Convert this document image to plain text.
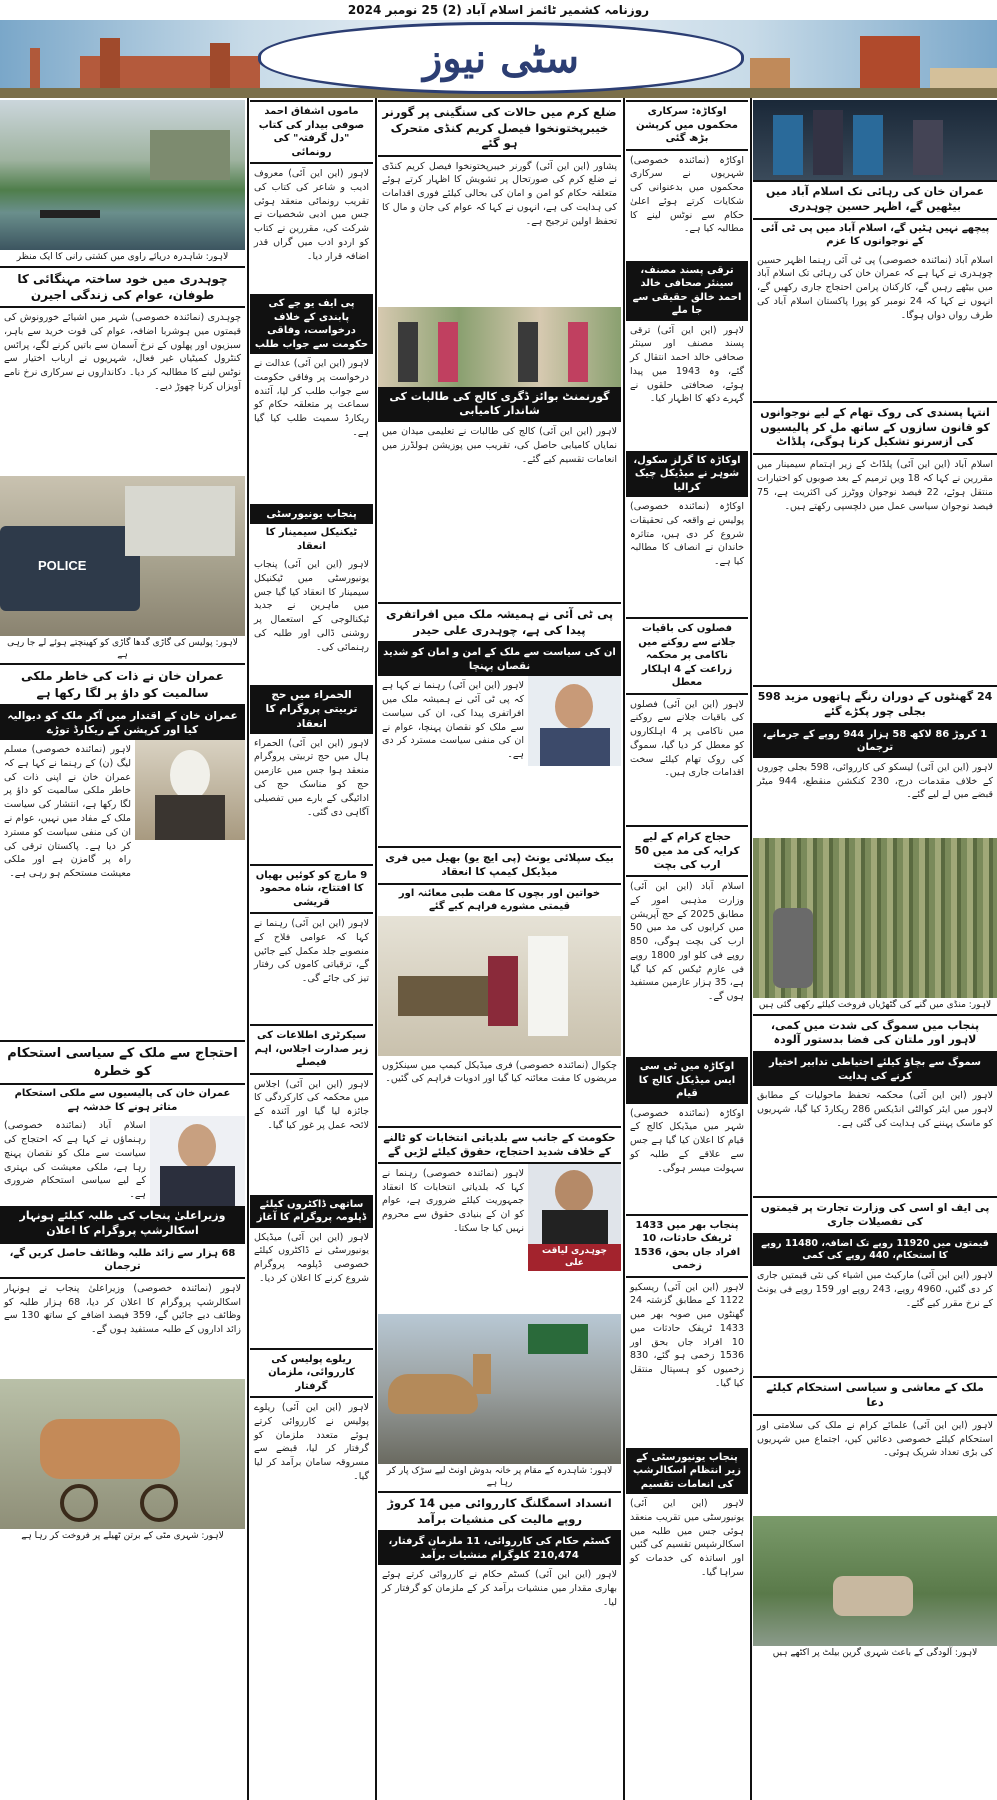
روزنامہ کشمیر ٹائمز اسلام آباد (2) 25 نومبر 2024
سٹی نیوز
لاہور: شاہدرہ دریائے راوی میں کشتی رانی کا ایک منظر
چوہدری میں خود ساختہ مہنگائی کا طوفان، عوام کی زندگی اجیرن
چوہدری (نمائندہ خصوصی) شہر میں اشیائے خورونوش کی قیمتوں میں ہوشربا اضافہ، عوام کی قوت خرید سے باہر، سبزیوں اور پھلوں کے نرخ آسمان سے باتیں کرنے لگے، پرائس کنٹرول کمیٹیاں غیر فعال، شہریوں نے ارباب اختیار سے نوٹس لینے کا مطالبہ کر دیا۔ دکانداروں نے سرکاری نرخ نامے آویزاں کرنا چھوڑ دیے۔
POLICE
لاہور: پولیس کی گاڑی گدھا گاڑی کو کھینچتے ہوئے لے جا رہی ہے
عمران خان نے ذات کی خاطر ملکی سالمیت کو داؤ پر لگا رکھا ہے
عمران خان کے اقتدار میں آکر ملک کو دیوالیہ کیا اور کرپشن کے ریکارڈ توڑے
لاہور (نمائندہ خصوصی) مسلم لیگ (ن) کے رہنما نے کہا ہے کہ عمران خان نے اپنی ذات کی خاطر ملکی سالمیت کو داؤ پر لگا رکھا ہے، انتشار کی سیاست ملک کے مفاد میں نہیں، عوام نے ان کی منفی سیاست کو مسترد کر دیا ہے۔ پاکستان ترقی کی راہ پر گامزن ہے اور ملکی معیشت مستحکم ہو رہی ہے۔
احتجاج سے ملک کے سیاسی استحکام کو خطرہ
عمران خان کی پالیسیوں سے ملکی استحکام متاثر ہونے کا خدشہ ہے
اسلام آباد (نمائندہ خصوصی) رہنماؤں نے کہا ہے کہ احتجاج کی سیاست سے ملک کو نقصان پہنچ رہا ہے، ملکی معیشت کی بہتری کے لیے سیاسی استحکام ضروری ہے۔
وزیراعلیٰ پنجاب کی طلبہ کیلئے ہونہار اسکالرشپ پروگرام کا اعلان
68 ہزار سے زائد طلبہ وظائف حاصل کریں گے، ترجمان
لاہور (نمائندہ خصوصی) وزیراعلیٰ پنجاب نے ہونہار اسکالرشپ پروگرام کا اعلان کر دیا، 68 ہزار طلبہ کو وظائف دیے جائیں گے، 359 فیصد اضافے کے ساتھ 130 سے زائد اداروں کے طلبہ مستفید ہوں گے۔
لاہور: شہری مٹی کے برتن ٹھیلے پر فروخت کر رہا ہے
ماموں اشفاق احمد صوفی بیدار کی کتاب "دل گرفتہ" کی رونمائی
لاہور (این این آئی) معروف ادیب و شاعر کی کتاب کی تقریب رونمائی منعقد ہوئی جس میں ادبی شخصیات نے شرکت کی، مقررین نے کتاب کو اردو ادب میں گراں قدر اضافہ قرار دیا۔
پی ایف یو جے کی پابندی کے خلاف درخواست، وفاقی حکومت سے جواب طلب
لاہور (این این آئی) عدالت نے درخواست پر وفاقی حکومت سے جواب طلب کر لیا، آئندہ سماعت پر متعلقہ حکام کو ریکارڈ سمیت طلب کیا گیا ہے۔
پنجاب یونیورسٹی
ٹیکنیکل سیمینار کا انعقاد
لاہور (این این آئی) پنجاب یونیورسٹی میں ٹیکنیکل سیمینار کا انعقاد کیا گیا جس میں ماہرین نے جدید ٹیکنالوجی کے استعمال پر روشنی ڈالی اور طلبہ کی رہنمائی کی۔
الحمراء میں حج تربیتی پروگرام کا انعقاد
لاہور (این این آئی) الحمراء ہال میں حج تربیتی پروگرام منعقد ہوا جس میں عازمین حج کو مناسک حج کی ادائیگی کے بارے میں تفصیلی آگاہی دی گئی۔
9 مارچ کو کوئیں بھیاں کا افتتاح، شاہ محمود قریشی
لاہور (این این آئی) رہنما نے کہا کہ عوامی فلاح کے منصوبے جلد مکمل کیے جائیں گے، ترقیاتی کاموں کی رفتار تیز کی جائے گی۔
سیکرٹری اطلاعات کی زیر صدارت اجلاس، اہم فیصلے
لاہور (این این آئی) اجلاس میں محکمہ کی کارکردگی کا جائزہ لیا گیا اور آئندہ کے لائحہ عمل پر غور کیا گیا۔
ساتھی ڈاکٹروں کیلئے ڈپلومہ پروگرام کا آغاز
لاہور (این این آئی) میڈیکل یونیورسٹی نے ڈاکٹروں کیلئے خصوصی ڈپلومہ پروگرام شروع کرنے کا اعلان کر دیا۔
ریلوے پولیس کی کارروائی، ملزمان گرفتار
لاہور (این این آئی) ریلوے پولیس نے کارروائی کرتے ہوئے متعدد ملزمان کو گرفتار کر لیا، قبضے سے مسروقہ سامان برآمد کر لیا گیا۔
ضلع کرم میں حالات کی سنگینی پر گورنر خیبرپختونخوا فیصل کریم کنڈی متحرک ہو گئے
پشاور (این این آئی) گورنر خیبرپختونخوا فیصل کریم کنڈی نے ضلع کرم کی صورتحال پر تشویش کا اظہار کرتے ہوئے متعلقہ حکام کو امن و امان کی بحالی کیلئے فوری اقدامات کی ہدایت کی ہے، انہوں نے کہا کہ عوام کی جان و مال کا تحفظ اولین ترجیح ہے۔
گورنمنٹ بوائز ڈگری کالج کی طالبات کی شاندار کامیابی
لاہور (این این آئی) کالج کی طالبات نے تعلیمی میدان میں نمایاں کامیابی حاصل کی، تقریب میں پوزیشن ہولڈرز میں انعامات تقسیم کیے گئے۔
پی ٹی آئی نے ہمیشہ ملک میں افراتفری پیدا کی ہے، چوہدری علی حیدر
ان کی سیاست سے ملک کے امن و امان کو شدید نقصان پہنچا
لاہور (این این آئی) رہنما نے کہا ہے کہ پی ٹی آئی نے ہمیشہ ملک میں افراتفری پیدا کی، ان کی سیاست سے ملک کو نقصان پہنچا، عوام نے ان کی منفی سیاست مسترد کر دی ہے۔
بیک سپلائی یونٹ (پی ایچ یو) بھیل میں فری میڈیکل کیمپ کا انعقاد
خواتین اور بچوں کا مفت طبی معائنہ اور قیمتی مشورے فراہم کیے گئے
چکوال (نمائندہ خصوصی) فری میڈیکل کیمپ میں سینکڑوں مریضوں کا مفت معائنہ کیا گیا اور ادویات فراہم کی گئیں۔
حکومت کے جانب سے بلدیاتی انتخابات کو ٹالنے کے خلاف شدید احتجاج، حقوق کیلئے لڑیں گے
لاہور (نمائندہ خصوصی) رہنما نے کہا کہ بلدیاتی انتخابات کا انعقاد جمہوریت کیلئے ضروری ہے، عوام کو ان کے بنیادی حقوق سے محروم نہیں کیا جا سکتا۔
چوہدری لیاقت علی
لاہور: شاہدرہ کے مقام پر خانہ بدوش اونٹ لیے سڑک پار کر رہا ہے
انسداد اسمگلنگ کارروائی میں 14 کروڑ روپے مالیت کی منشیات برآمد
کسٹم حکام کی کارروائی، 11 ملزمان گرفتار، 210,474 کلوگرام منشیات برآمد
لاہور (این این آئی) کسٹم حکام نے کارروائی کرتے ہوئے بھاری مقدار میں منشیات برآمد کر کے ملزمان کو گرفتار کر لیا۔
اوکاڑہ: سرکاری محکموں میں کرپشن بڑھ گئی
اوکاڑہ (نمائندہ خصوصی) شہریوں نے سرکاری محکموں میں بدعنوانی کی شکایات کرتے ہوئے اعلیٰ حکام سے نوٹس لینے کا مطالبہ کیا ہے۔
ترقی پسند مصنف، سینئر صحافی خالد احمد خالق حقیقی سے جا ملے
لاہور (این این آئی) ترقی پسند مصنف اور سینئر صحافی خالد احمد انتقال کر گئے، وہ 1943 میں پیدا ہوئے، صحافتی حلقوں نے گہرے دکھ کا اظہار کیا۔
اوکاڑہ کا گرلز سکول، شوہر نے میڈیکل چیک کرالیا
اوکاڑہ (نمائندہ خصوصی) پولیس نے واقعہ کی تحقیقات شروع کر دی ہیں، متاثرہ خاندان نے انصاف کا مطالبہ کیا ہے۔
فصلوں کی باقیات جلانے سے روکنے میں ناکامی پر محکمہ زراعت کے 4 اہلکار معطل
لاہور (این این آئی) فصلوں کی باقیات جلانے سے روکنے میں ناکامی پر 4 اہلکاروں کو معطل کر دیا گیا، سموگ کی روک تھام کیلئے سخت اقدامات جاری ہیں۔
حجاج کرام کے لیے کرایہ کی مد میں 50 ارب کی بچت
اسلام آباد (این این آئی) وزارت مذہبی امور کے مطابق 2025 کے حج آپریشن میں کرایوں کی مد میں 50 ارب کی بچت ہوگی، 850 روپے فی کلو اور 1800 روپے فی عازم ٹیکس کم کیا گیا ہے، 35 ہزار عازمین مستفید ہوں گے۔
اوکاڑہ میں ٹی سی ایس میڈیکل کالج کا قیام
اوکاڑہ (نمائندہ خصوصی) شہر میں میڈیکل کالج کے قیام کا اعلان کیا گیا ہے جس سے علاقے کے طلبہ کو سہولت میسر ہوگی۔
پنجاب بھر میں 1433 ٹریفک حادثات، 10 افراد جاں بحق، 1536 زخمی
لاہور (این این آئی) ریسکیو 1122 کے مطابق گزشتہ 24 گھنٹوں میں صوبہ بھر میں 1433 ٹریفک حادثات میں 10 افراد جاں بحق اور 1536 زخمی ہو گئے، 830 زخمیوں کو ہسپتال منتقل کیا گیا۔
پنجاب یونیورسٹی کے زیر انتظام اسکالرشپ کی انعامات تقسیم
لاہور (این این آئی) یونیورسٹی میں تقریب منعقد ہوئی جس میں طلبہ میں اسکالرشپس تقسیم کی گئیں اور اساتذہ کی خدمات کو سراہا گیا۔
عمران خان کی رہائی تک اسلام آباد میں بیٹھیں گے، اظہر حسین چوہدری
پیچھے نہیں ہٹیں گے، اسلام آباد میں پی ٹی آئی کے نوجوانوں کا عزم
اسلام آباد (نمائندہ خصوصی) پی ٹی آئی رہنما اظہر حسین چوہدری نے کہا ہے کہ عمران خان کی رہائی تک اسلام آباد میں بیٹھے رہیں گے، کارکنان پرامن احتجاج جاری رکھیں گے، انہوں نے کہا کہ 24 نومبر کو پورا پاکستان اسلام آباد کی طرف رواں دواں ہوگا۔
انتہا پسندی کی روک تھام کے لیے نوجوانوں کو قانون سازوں کے ساتھ مل کر پالیسیوں کی ازسرنو تشکیل کرنا ہوگی، پلڈاٹ
اسلام آباد (این این آئی) پلڈاٹ کے زیر اہتمام سیمینار میں مقررین نے کہا کہ 18 ویں ترمیم کے بعد صوبوں کو اختیارات منتقل ہوئے، 22 فیصد نوجوان ووٹرز کی اکثریت ہے، 75 فیصد نوجوان سیاسی عمل میں دلچسپی رکھتے ہیں۔
24 گھنٹوں کے دوران رنگے ہاتھوں مزید 598 بجلی چور پکڑے گئے
1 کروڑ 86 لاکھ 58 ہزار 944 روپے کے جرمانے، ترجمان
لاہور (این این آئی) لیسکو کی کارروائی، 598 بجلی چوروں کے خلاف مقدمات درج، 230 کنکشن منقطع، 944 میٹر قبضے میں لے لیے گئے۔
لاہور: منڈی میں گنے کی گٹھڑیاں فروخت کیلئے رکھی گئی ہیں
پنجاب میں سموگ کی شدت میں کمی، لاہور اور ملتان کی فضا بدستور آلودہ
سموگ سے بچاؤ کیلئے احتیاطی تدابیر اختیار کرنے کی ہدایت
لاہور (این این آئی) محکمہ تحفظ ماحولیات کے مطابق لاہور میں ایئر کوالٹی انڈیکس 286 ریکارڈ کیا گیا، شہریوں کو ماسک پہننے کی ہدایت کی گئی ہے۔
پی ایف او اسی کی وزارت تجارت پر قیمتوں کی تفصیلات جاری
قیمتوں میں 11920 روپے تک اضافہ، 11480 روپے کا استحکام، 440 روپے کی کمی
لاہور (این این آئی) مارکیٹ میں اشیاء کی نئی قیمتیں جاری کر دی گئیں، 4960 روپے، 243 روپے اور 159 روپے فی یونٹ کے نرخ مقرر کیے گئے۔
ملک کے معاشی و سیاسی استحکام کیلئے دعا
لاہور (این این آئی) علمائے کرام نے ملک کی سلامتی اور استحکام کیلئے خصوصی دعائیں کیں، اجتماع میں شہریوں کی بڑی تعداد شریک ہوئی۔
لاہور: آلودگی کے باعث شہری گرین بیلٹ پر اکٹھے ہیں
